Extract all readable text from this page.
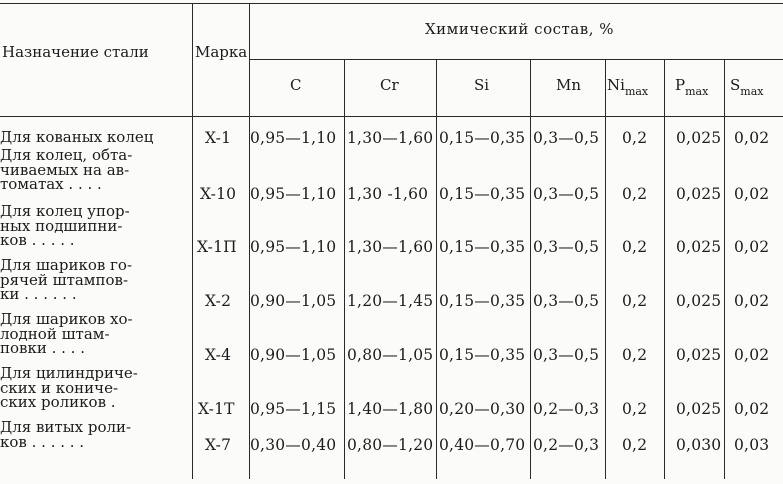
Назначение стали	Марка
Химический состав, %
C	Cr	Si	Mn $Ni_{max}$ $P_{max}$ $S_{max}$
Для кованых колец	X-1 0,95—1,10 1,30—1,60 0,15—0,35 0,3—0,5 0,2 0,025 0,02
Для колец, обта-
чиваемых на ав-
томатах . . . .
X-10 0,95—1,10 1,30 -1,60 0,15—0,35 0,3—0,5 0,2 0,025 0,02
Для колец упор-
ных подшипни-
ков . . . . .	X-1П 0,95—1,10 1,30—1,60 0,15—0,35 0,3—0,5 0,2 0,025 0,02
Для шариков го-
рячей штампов-
ки . . . . . .	X-2 0,90—1,05 1,20—1,45 0,15—0,35 0,3—0,5 0,2 0,025 0,02
Для шариков хо-
лодной штам-
повки . . . .	X-4 0,90—1,05 0,80—1,05 0,15—0,35 0,3—0,5 0,2 0,025 0,02
Для цилиндриче-
ских и кониче-
ских роликов .	X-1T 0,95—1,15 1,40—1,80 0,20—0,30 0,2—0,3 0,2 0,025 0,02
Для витых роли-
ков . . . . . .	X-7 0,30—0,40 0,80—1,20 0,40—0,70 0,2—0,3 0,2 0,030 0,03
